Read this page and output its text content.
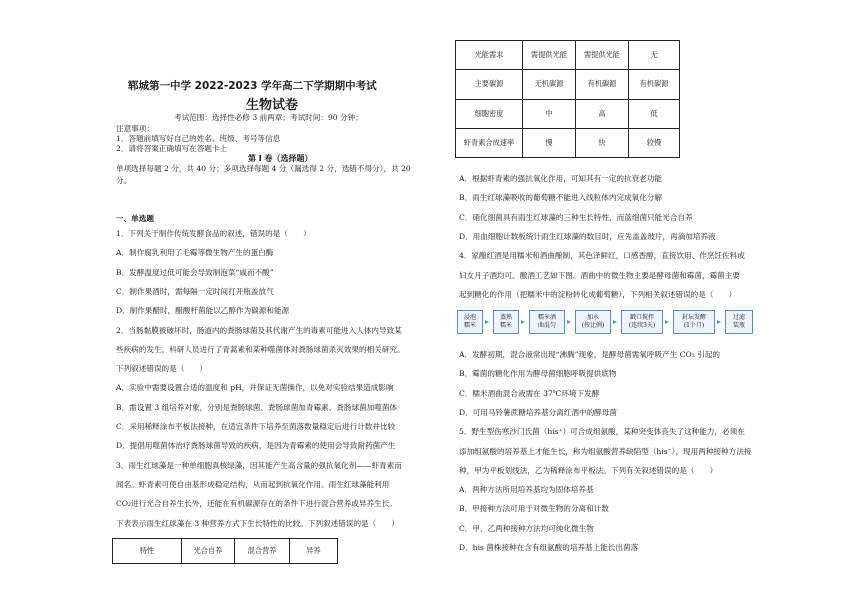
郓城第一中学 2022-2023 学年高二下学期期中考试
生物试卷
考试范围：选择性必修 3 前两章；考试时间：90 分钟；
注意事项：
1．答题前填写好自己的姓名、班级、考号等信息
2．请将答案正确填写在答题卡上
第 I 卷（选择题）
单项选择每题 2 分，共 40 分；多项选择每题 4 分（漏选得 2 分，选错不得分），共 20
分。
一、单选题
1．下列关于制作传统发酵食品的叙述，错误的是（　　）
A．制作腐乳利用了毛霉等微生物产生的蛋白酶
B．发酵温度过低可能会导致制泡菜“咸而不酸”
C．制作果酒时，需每隔一定时间打开瓶盖放气
D．制作果醋时，醋酸杆菌能以乙醇作为碳源和能源
2．当肠黏膜被破坏时，肠道内的粪肠球菌及其代谢产生的毒素可能进入人体内导致某
些疾病的发生。科研人员进行了青蒿素和某种噬菌体对粪肠球菌杀灭效果的相关研究。
下列叙述错误的是（　　）
A．实验中需要设置合适的温度和 pH，并保证无菌操作，以免对实验结果造成影响
B．需设置 3 组培养对象，分别是粪肠球菌、粪肠球菌加青霉素、粪肠球菌加噬菌体
C．采用稀释涂布平板法接种，在适宜条件下培养至菌落数量稳定后进行计数并比较
D．提倡用噬菌体治疗粪肠球菌导致的疾病，是因为青霉素的使用会导致耐药菌产生
3．雨生红球藻是一种单细胞真核绿藻，因其能产生高含量的强抗氧化剂——虾青素而
闻名。虾青素可使自由基形成稳定结构，从而起到抗氧化作用。雨生红球藻能利用
CO₂进行光合自养生长外，还能在有机碳源存在的条件下进行混合营养或异养生长。
下表表示雨生红球藻在 3 种营养方式下生长特性的比较。下列叙述错误的是（　　）
特性	光合自养	混合营养	异养
光能需求	需提供光能	需提供光能	无
主要碳源	无机碳源	有机碳源	有机碳源
细胞密度	中	高	低
虾青素合成速率	慢	快	较慢
A．根据虾青素的强抗氧化作用，可知其有一定的抗衰老功能
B．雨生红球藻吸收的葡萄糖不能进入线粒体内完成氧化分解
C．硝化细菌具有雨生红球藻的三种生长特性，而蓝细菌只能光合自养
D．用血细胞计数板统计雨生红球藻的数目时，应先盖盖玻片，再滴加培养液
4．家酿红酒是用糯米和酒曲酿制，其色泽鲜红，口感香醇，直接饮用、作烹饪佐料或
妇女月子酒均可。酿酒工艺如下图。酒曲中的微生物主要是酵母菌和霉菌，霉菌主要
起到糖化的作用（把糯米中的淀粉转化成葡萄糖），下列相关叙述错误的是（　　）
浸泡
糯米
蒸熟
糯米
糯米酒
曲混匀
加水
(按比例)
戳口搅拌
(连续3天)
封坛发酵
(1个月)
过滤
装瓶
A．发酵初期，混合液常出现“沸腾”现象，是酵母菌需氧呼吸产生 CO₂ 引起的
B．霉菌的糖化作用为酵母菌细胞呼吸提供底物
C．糯米酒曲混合液需在 37℃环境下发酵
D．可用马铃薯蔗糖培养基分离红酒中的酵母菌
5．野生型伤寒沙门氏菌（his⁺）可合成组氨酸，某种突变体丧失了这种能力，必须在
添加组氨酸的培养基上才能生长，称为组氨酸营养缺陷型（his⁻），现用两种接种方法接
种，甲为平板划线法，乙为稀释涂布平板法。下列有关叙述错误的是（　　）
A．两种方法所用培养基均为固体培养基
B．甲接种方法可用于对微生物的分离和计数
C．甲、乙两种接种方法均可纯化微生物
D．his 菌株接种在含有组氨酸的培养基上能长出菌落
